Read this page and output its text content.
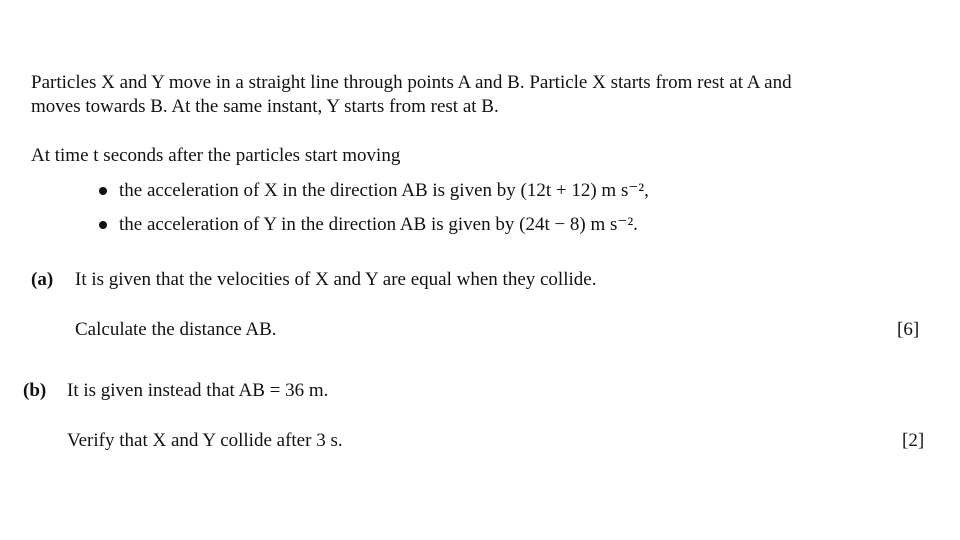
Particles X and Y move in a straight line through points A and B. Particle X starts from rest at A and
moves towards B. At the same instant, Y starts from rest at B.
At time t seconds after the particles start moving
the acceleration of X in the direction AB is given by (12t + 12) m s⁻²,
the acceleration of Y in the direction AB is given by (24t − 8) m s⁻².
(a) It is given that the velocities of X and Y are equal when they collide.
Calculate the distance AB.	[6]
(b) It is given instead that AB = 36 m.
Verify that X and Y collide after 3 s.	[2]
